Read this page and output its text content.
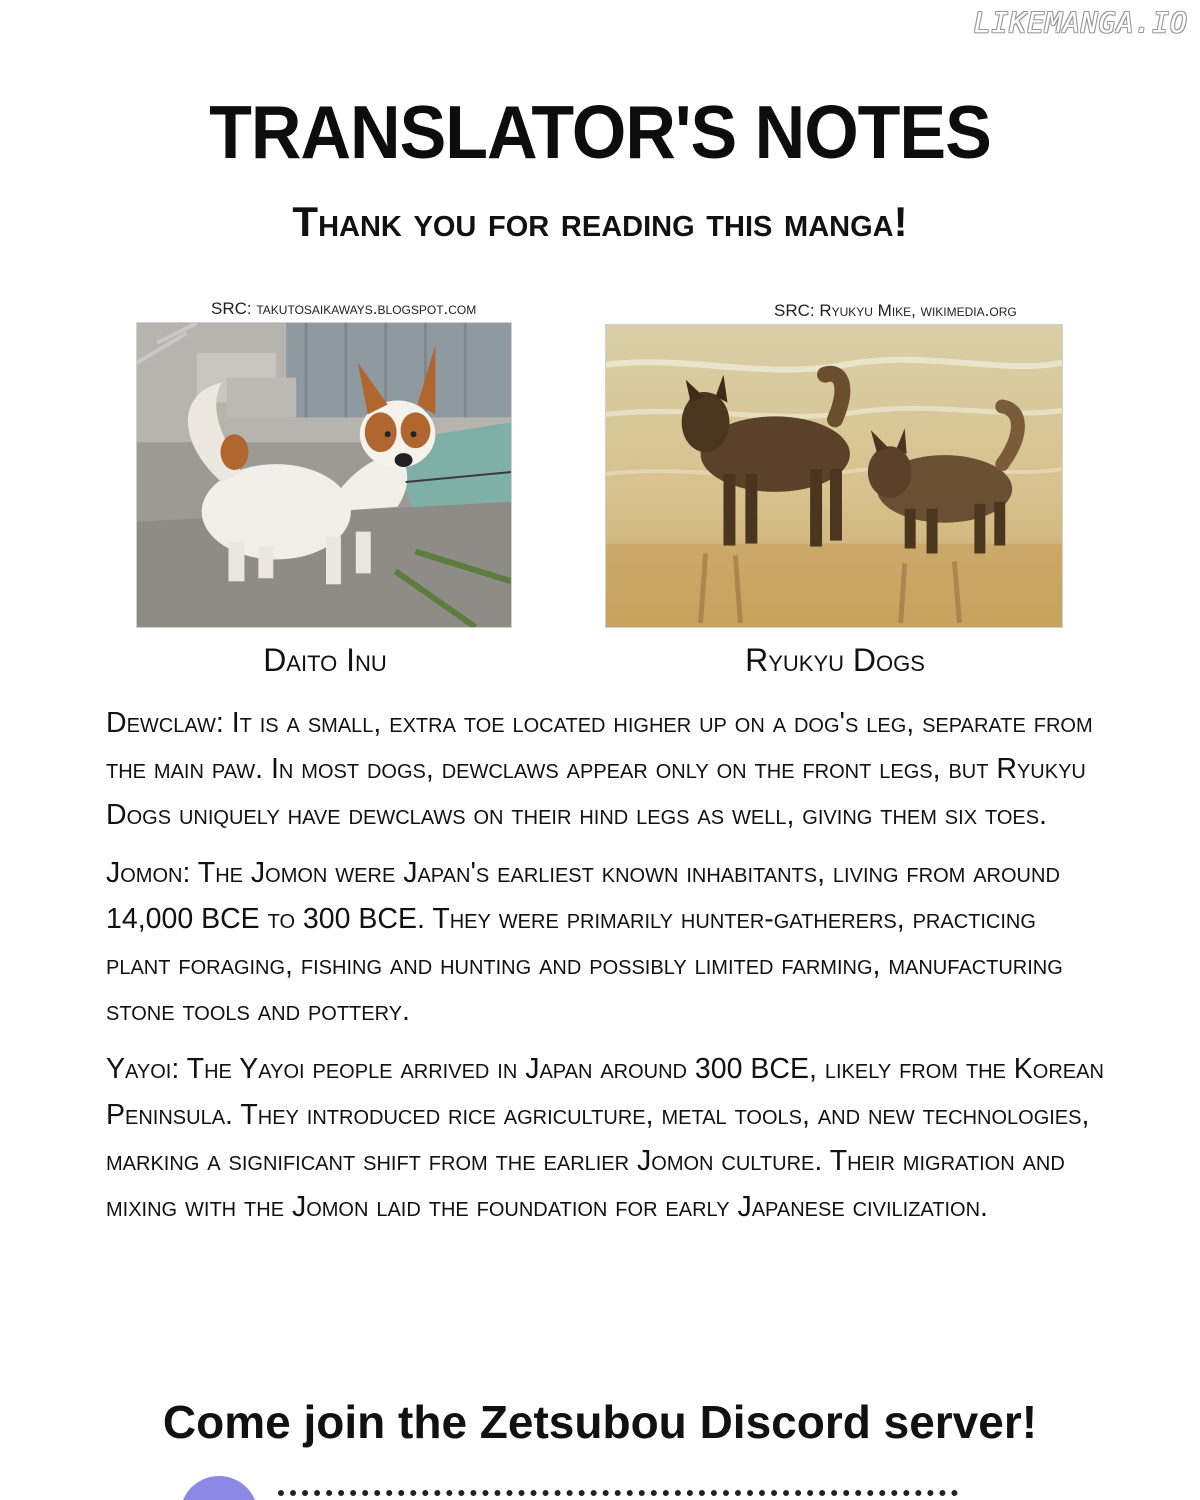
LIKEMANGA.IO
TRANSLATOR'S NOTES
Thank you for reading this manga!
SRC: takutosaikaways.blogspot.com	SRC: Ryukyu Mike, wikimedia.org
Daito Inu	Ryukyu Dogs

Dewclaw: It is a small, extra toe located higher up on a dog's leg, separate from the main paw. In most dogs, dewclaws appear only on the front legs, but Ryukyu Dogs uniquely have dewclaws on their hind legs as well, giving them six toes.

Jomon: The Jomon were Japan's earliest known inhabitants, living from around 14,000 BCE to 300 BCE. They were primarily hunter-gatherers, practicing plant foraging, fishing and hunting and possibly limited farming, manufacturing stone tools and pottery.

Yayoi: The Yayoi people arrived in Japan around 300 BCE, likely from the Korean Peninsula. They introduced rice agriculture, metal tools, and new technologies, marking a significant shift from the earlier Jomon culture. Their migration and mixing with the Jomon laid the foundation for early Japanese civilization.

Come join the Zetsubou Discord server!
